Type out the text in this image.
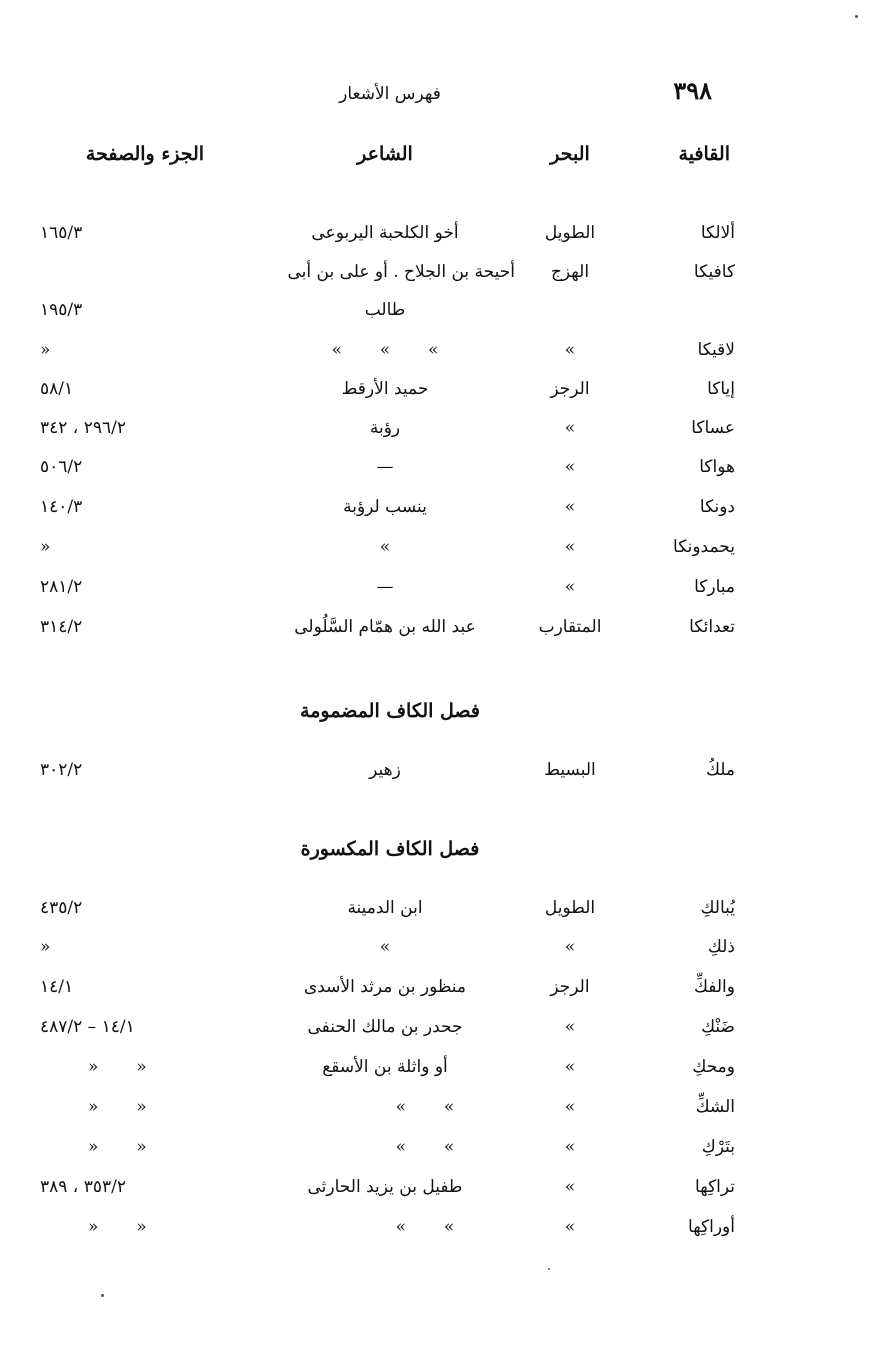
٣٩٨
فهرس الأشعار
القافية
البحر
الشاعر
الجزء والصفحة
ألالكا
الطويل
أخو الكلحبة اليربوعى
١٦٥/٣
كافيكا
الهزج
أحيحة بن الجلاح . أو على بن أبى
طالب
١٩٥/٣
لاقيكا
»
»       »       »
»
إياكا
الرجز
حميد الأرقط
٥٨/١
عساكا
»
رؤبة
٢٩٦/٢ ، ٣٤٢
هواكا
»
—
٥٠٦/٢
دونكا
»
ينسب لرؤبة
١٤٠/٣
يحمدونكا
»
»
»
مباركا
»
—
٢٨١/٢
تعدائكا
المتقارب
عبد الله بن همّام السَّلُولى
٣١٤/٢
فصل الكاف المضمومة
ملكُ
البسيط
زهير
٣٠٢/٢
فصل الكاف المكسورة
يُبالكِ
الطويل
ابن الدمينة
٤٣٥/٢
ذلكِ
»
»
»
والفكِّ
الرجز
منظور بن مرثد الأسدى
١٤/١
ضَنْكِ
»
جحدر بن مالك الحنفى
١٤/١ – ٤٨٧/٢
ومحكِ
»
أو واثلة بن الأسقع
»       »
الشكِّ
»
»       »
»       »
بتَرْكِ
»
»       »
»       »
تراكِها
»
طفيل بن يزيد الحارثى
٣٥٣/٢ ، ٣٨٩
أوراكِها
»
»       »
»       »
